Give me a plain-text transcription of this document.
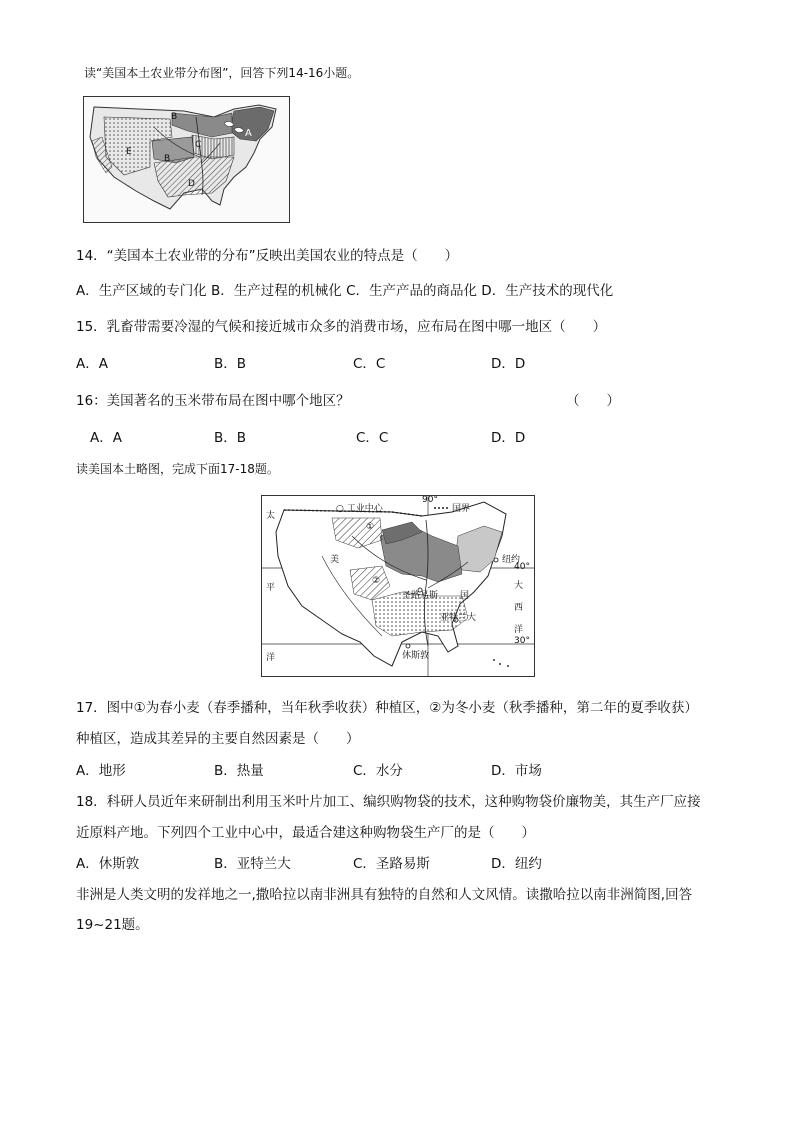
读“美国本土农业带分布图”，回答下列14-16小题。
B
A
C
B
E
D
14．“美国本土农业带的分布”反映出美国农业的特点是（　　）
A．生产区域的专门化 B．生产过程的机械化 C．生产产品的商品化 D．生产技术的现代化
15．乳畜带需要冷湿的气候和接近城市众多的消费市场，应布局在图中哪一地区（　　）
A．A	B．B	C．C	D．D
16：美国著名的玉米带布局在图中哪个地区？	（　　）
A．A	B．B	C．C	D．D
读美国本土略图，完成下面17-18题。
○ 工业中心	国界
90°
40°
30°
太
平
洋
美
国
大
西
洋
纽约
圣路易斯
亚特兰大
休斯敦
①
②
17．图中①为春小麦（春季播种，当年秋季收获）种植区，②为冬小麦（秋季播种，第二年的夏季收获）
种植区，造成其差异的主要自然因素是（　　）
A．地形	B．热量	C．水分	D．市场
18．科研人员近年来研制出利用玉米叶片加工、编织购物袋的技术，这种购物袋价廉物美，其生产厂应接
近原料产地。下列四个工业中心中，最适合建这种购物袋生产厂的是（　　）
A．休斯敦	B．亚特兰大	C．圣路易斯	D．纽约
非洲是人类文明的发祥地之一,撒哈拉以南非洲具有独特的自然和人文风情。读撒哈拉以南非洲简图,回答
19~21题。
